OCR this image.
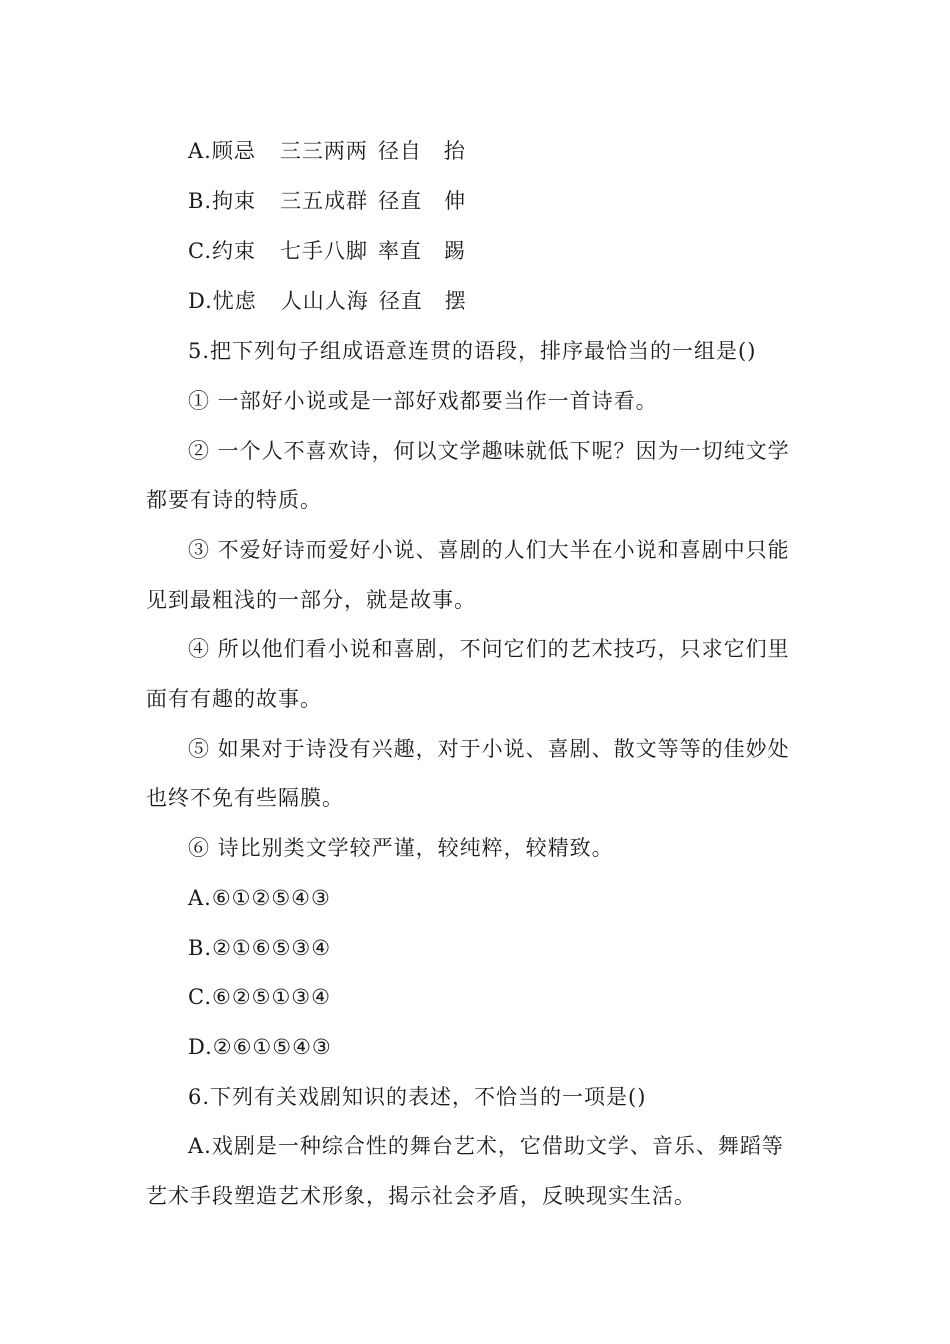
A.顾忌 三三两两 径自 抬
B.拘束 三五成群 径直 伸
C.约束 七手八脚 率直 踢
D.忧虑 人山人海 径直 摆
5.把下列句子组成语意连贯的语段，排序最恰当的一组是()
① 一部好小说或是一部好戏都要当作一首诗看。
② 一个人不喜欢诗，何以文学趣味就低下呢？因为一切纯文学
都要有诗的特质。
③ 不爱好诗而爱好小说、喜剧的人们大半在小说和喜剧中只能
见到最粗浅的一部分，就是故事。
④ 所以他们看小说和喜剧，不问它们的艺术技巧，只求它们里
面有有趣的故事。
⑤ 如果对于诗没有兴趣，对于小说、喜剧、散文等等的佳妙处
也终不免有些隔膜。
⑥ 诗比别类文学较严谨，较纯粹，较精致。
A.⑥①②⑤④③
B.②①⑥⑤③④
C.⑥②⑤①③④
D.②⑥①⑤④③
6.下列有关戏剧知识的表述，不恰当的一项是()
A.戏剧是一种综合性的舞台艺术，它借助文学、音乐、舞蹈等
艺术手段塑造艺术形象，揭示社会矛盾，反映现实生活。
